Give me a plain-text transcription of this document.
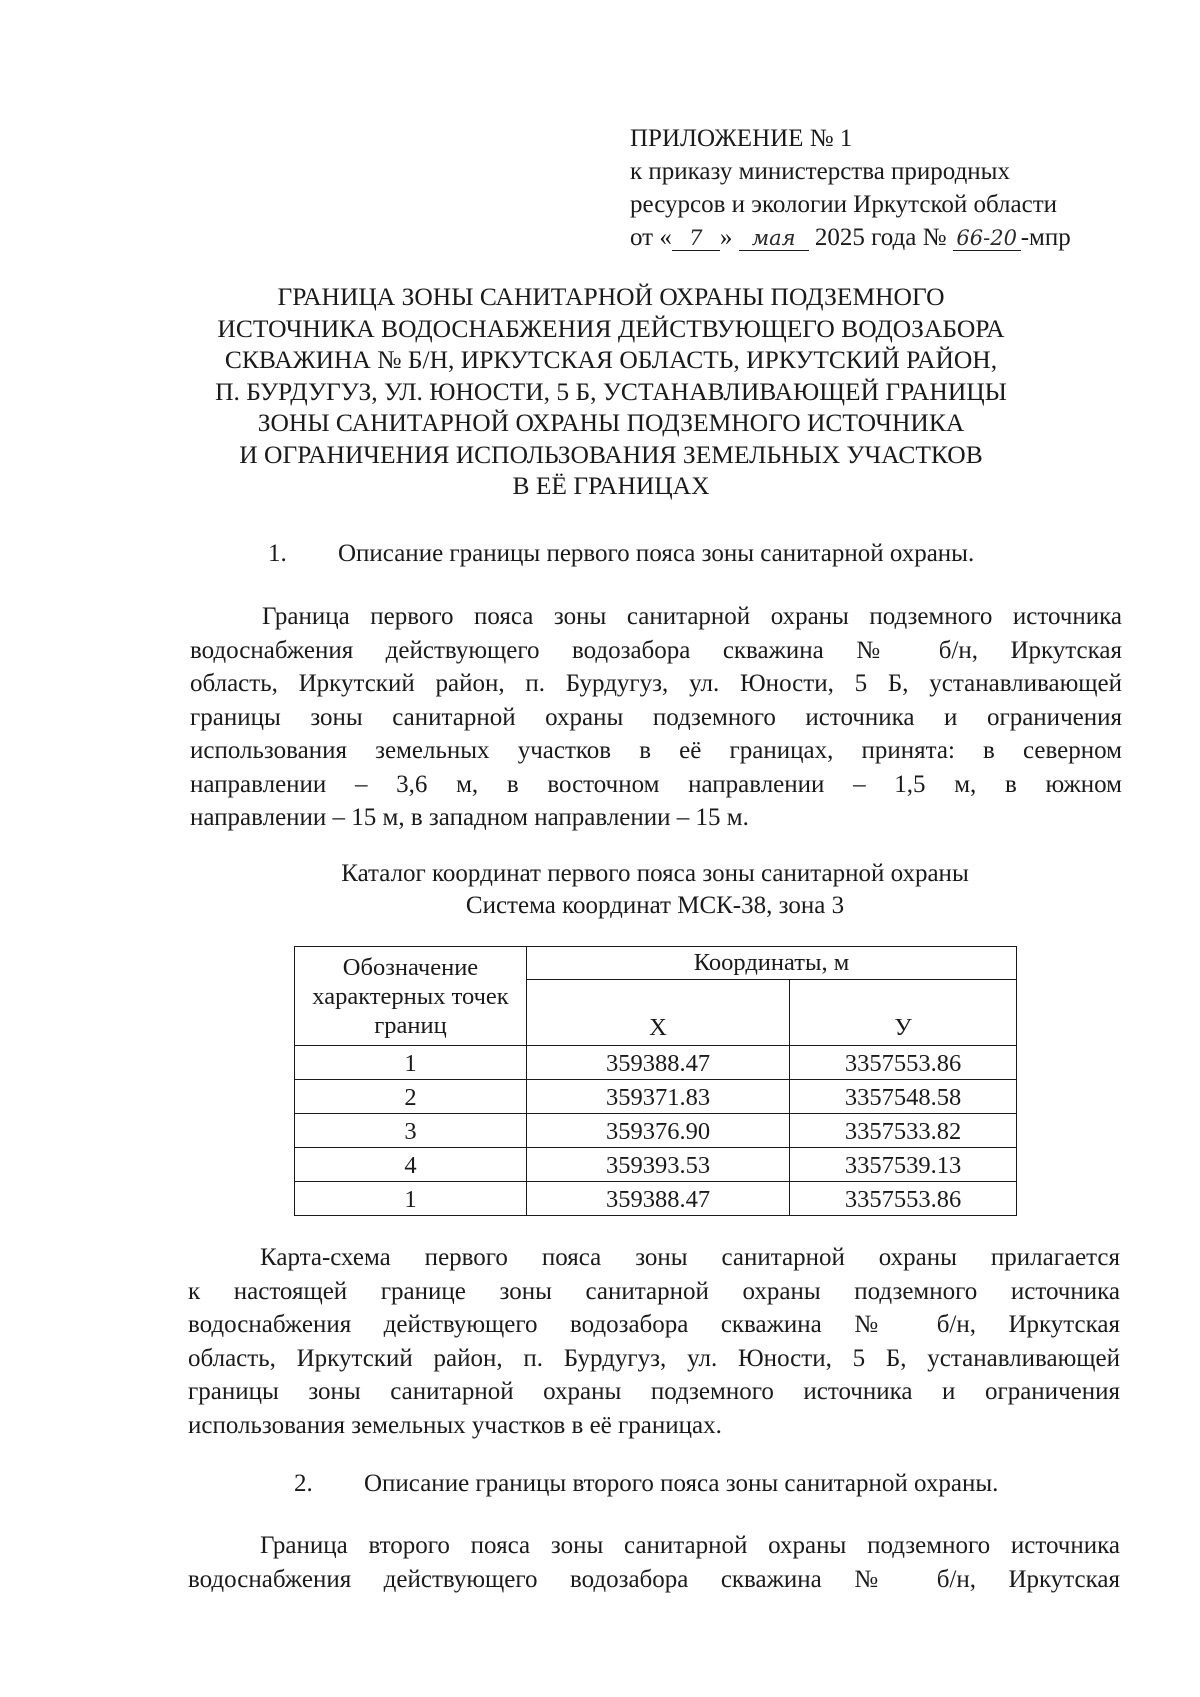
ПРИЛОЖЕНИЕ № 1
к приказу министерства природных
ресурсов и экологии Иркутской области
от « 7 » мая 2025 года № 66-20 -мпр
ГРАНИЦА ЗОНЫ САНИТАРНОЙ ОХРАНЫ ПОДЗЕМНОГО
ИСТОЧНИКА ВОДОСНАБЖЕНИЯ ДЕЙСТВУЮЩЕГО ВОДОЗАБОРА
СКВАЖИНА № Б/Н, ИРКУТСКАЯ ОБЛАСТЬ, ИРКУТСКИЙ РАЙОН,
П. БУРДУГУЗ, УЛ. ЮНОСТИ, 5 Б, УСТАНАВЛИВАЮЩЕЙ ГРАНИЦЫ
ЗОНЫ САНИТАРНОЙ ОХРАНЫ ПОДЗЕМНОГО ИСТОЧНИКА
И ОГРАНИЧЕНИЯ ИСПОЛЬЗОВАНИЯ ЗЕМЕЛЬНЫХ УЧАСТКОВ
В ЕЁ ГРАНИЦАХ
1. Описание границы первого пояса зоны санитарной охраны.
Граница первого пояса зоны санитарной охраны подземного источника
водоснабжения действующего водозабора скважина № б/н, Иркутская
область, Иркутский район, п. Бурдугуз, ул. Юности, 5 Б, устанавливающей
границы зоны санитарной охраны подземного источника и ограничения
использования земельных участков в её границах, принята: в северном
направлении – 3,6 м, в восточном направлении – 1,5 м, в южном
направлении – 15 м, в западном направлении – 15 м.
Каталог координат первого пояса зоны санитарной охраны
Система координат МСК-38, зона 3
Обозначение характерных точек границ	Координаты, м	
	X	У
1	359388.47	3357553.86
2	359371.83	3357548.58
3	359376.90	3357533.82
4	359393.53	3357539.13
1	359388.47	3357553.86
Карта-схема первого пояса зоны санитарной охраны прилагается
к настоящей границе зоны санитарной охраны подземного источника
водоснабжения действующего водозабора скважина № б/н, Иркутская
область, Иркутский район, п. Бурдугуз, ул. Юности, 5 Б, устанавливающей
границы зоны санитарной охраны подземного источника и ограничения
использования земельных участков в её границах.
2. Описание границы второго пояса зоны санитарной охраны.
Граница второго пояса зоны санитарной охраны подземного источника
водоснабжения действующего водозабора скважина № б/н, Иркутская
